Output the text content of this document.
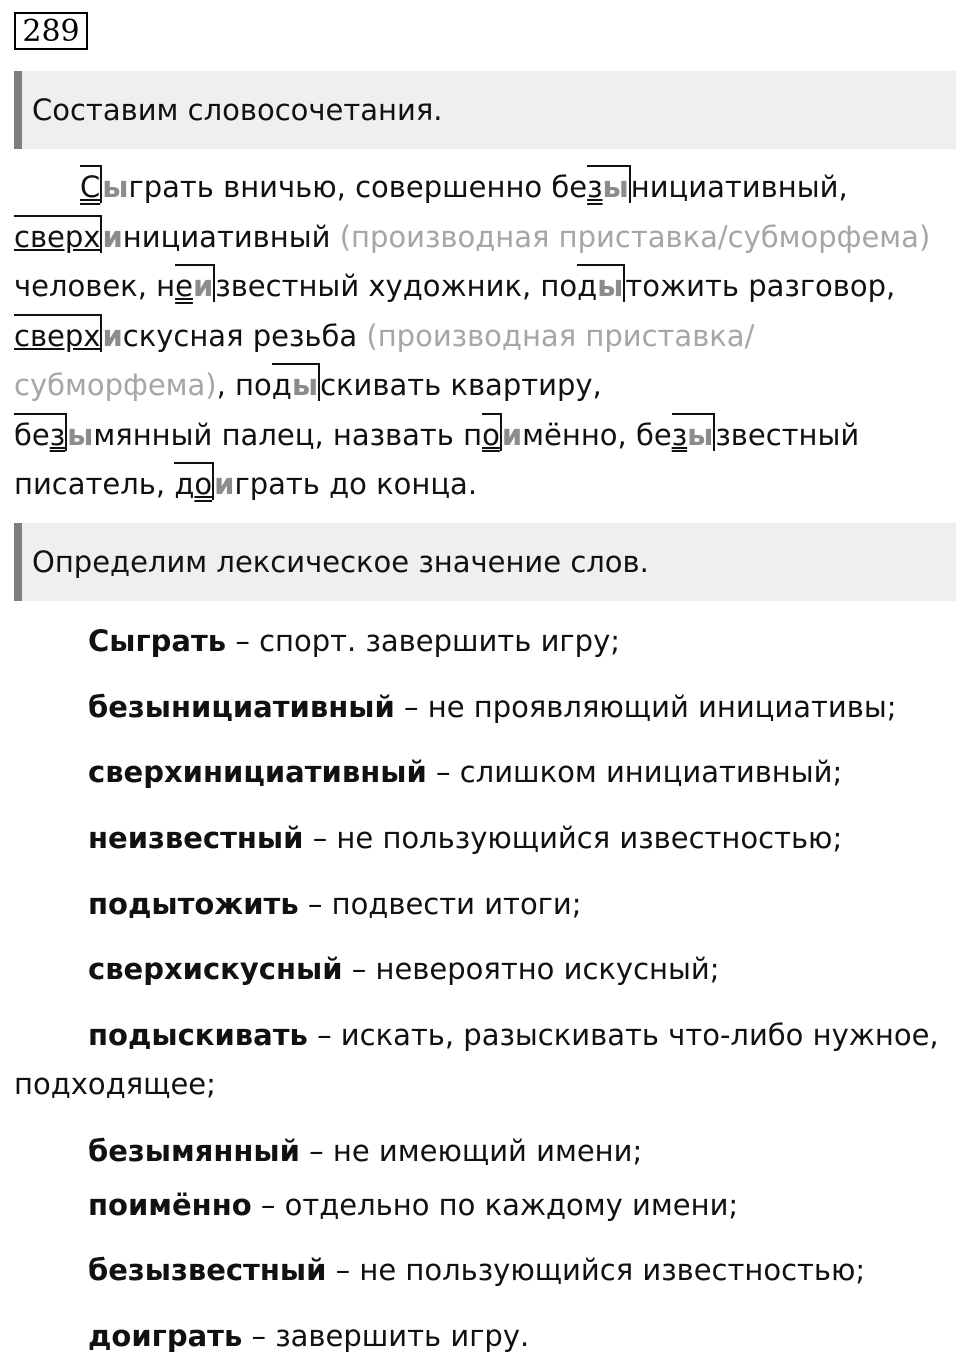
289
Составим словосочетания.
Сыграть вничью, совершенно безынициативный,
сверхинициативный (производная приставка/субморфема)
человек, неизвестный художник, подытожить разговор,
сверхискусная резьба (производная приставка/субморфема), подыскивать квартиру,
безымянный палец, назвать поимённо, безызвестный
писатель, доиграть до конца.
Определим лексическое значение слов.
Сыграть – спорт. завершить игру;
безынициативный – не проявляющий инициативы;
сверхинициативный – слишком инициативный;
неизвестный – не пользующийся известностью;
подытожить – подвести итоги;
сверхискусный – невероятно искусный;
подыскивать – искать, разыскивать что-либо нужное, подходящее;
безымянный – не имеющий имени;
поимённо – отдельно по каждому имени;
безызвестный – не пользующийся известностью;
доиграть – завершить игру.
